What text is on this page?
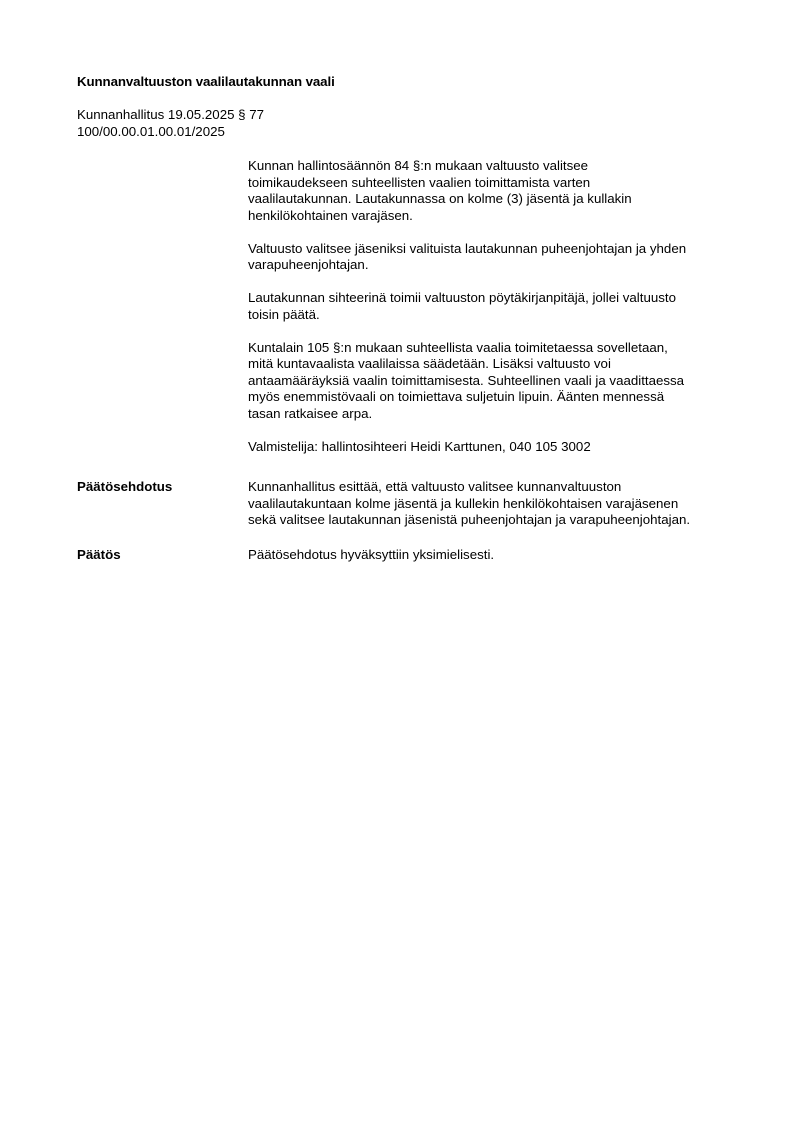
Kunnanvaltuuston vaalilautakunnan vaali
Kunnanhallitus 19.05.2025 § 77
100/00.00.01.00.01/2025

Kunnan hallintosäännön 84 §:n mukaan valtuusto valitsee
toimikaudekseen suhteellisten vaalien toimittamista varten
vaalilautakunnan. Lautakunnassa on kolme (3) jäsentä ja kullakin
henkilökohtainen varajäsen.

Valtuusto valitsee jäseniksi valituista lautakunnan puheenjohtajan ja yhden
varapuheenjohtajan.

Lautakunnan sihteerinä toimii valtuuston pöytäkirjanpitäjä, jollei valtuusto
toisin päätä.

Kuntalain 105 §:n mukaan suhteellista vaalia toimitetaessa sovelletaan,
mitä kuntavaalista vaalilaissa säädetään. Lisäksi valtuusto voi
antaamääräyksiä vaalin toimittamisesta. Suhteellinen vaali ja vaadittaessa
myös enemmistövaali on toimiettava suljetuin lipuin. Äänten mennessä
tasan ratkaisee arpa.

Valmistelija: hallintosihteeri Heidi Karttunen, 040 105 3002

Päätösehdotus	Kunnanhallitus esittää, että valtuusto valitsee kunnanvaltuuston
vaalilautakuntaan kolme jäsentä ja kullekin henkilökohtaisen varajäsenen
sekä valitsee lautakunnan jäsenistä puheenjohtajan ja varapuheenjohtajan.
Päätös	Päätösehdotus hyväksyttiin yksimielisesti.
